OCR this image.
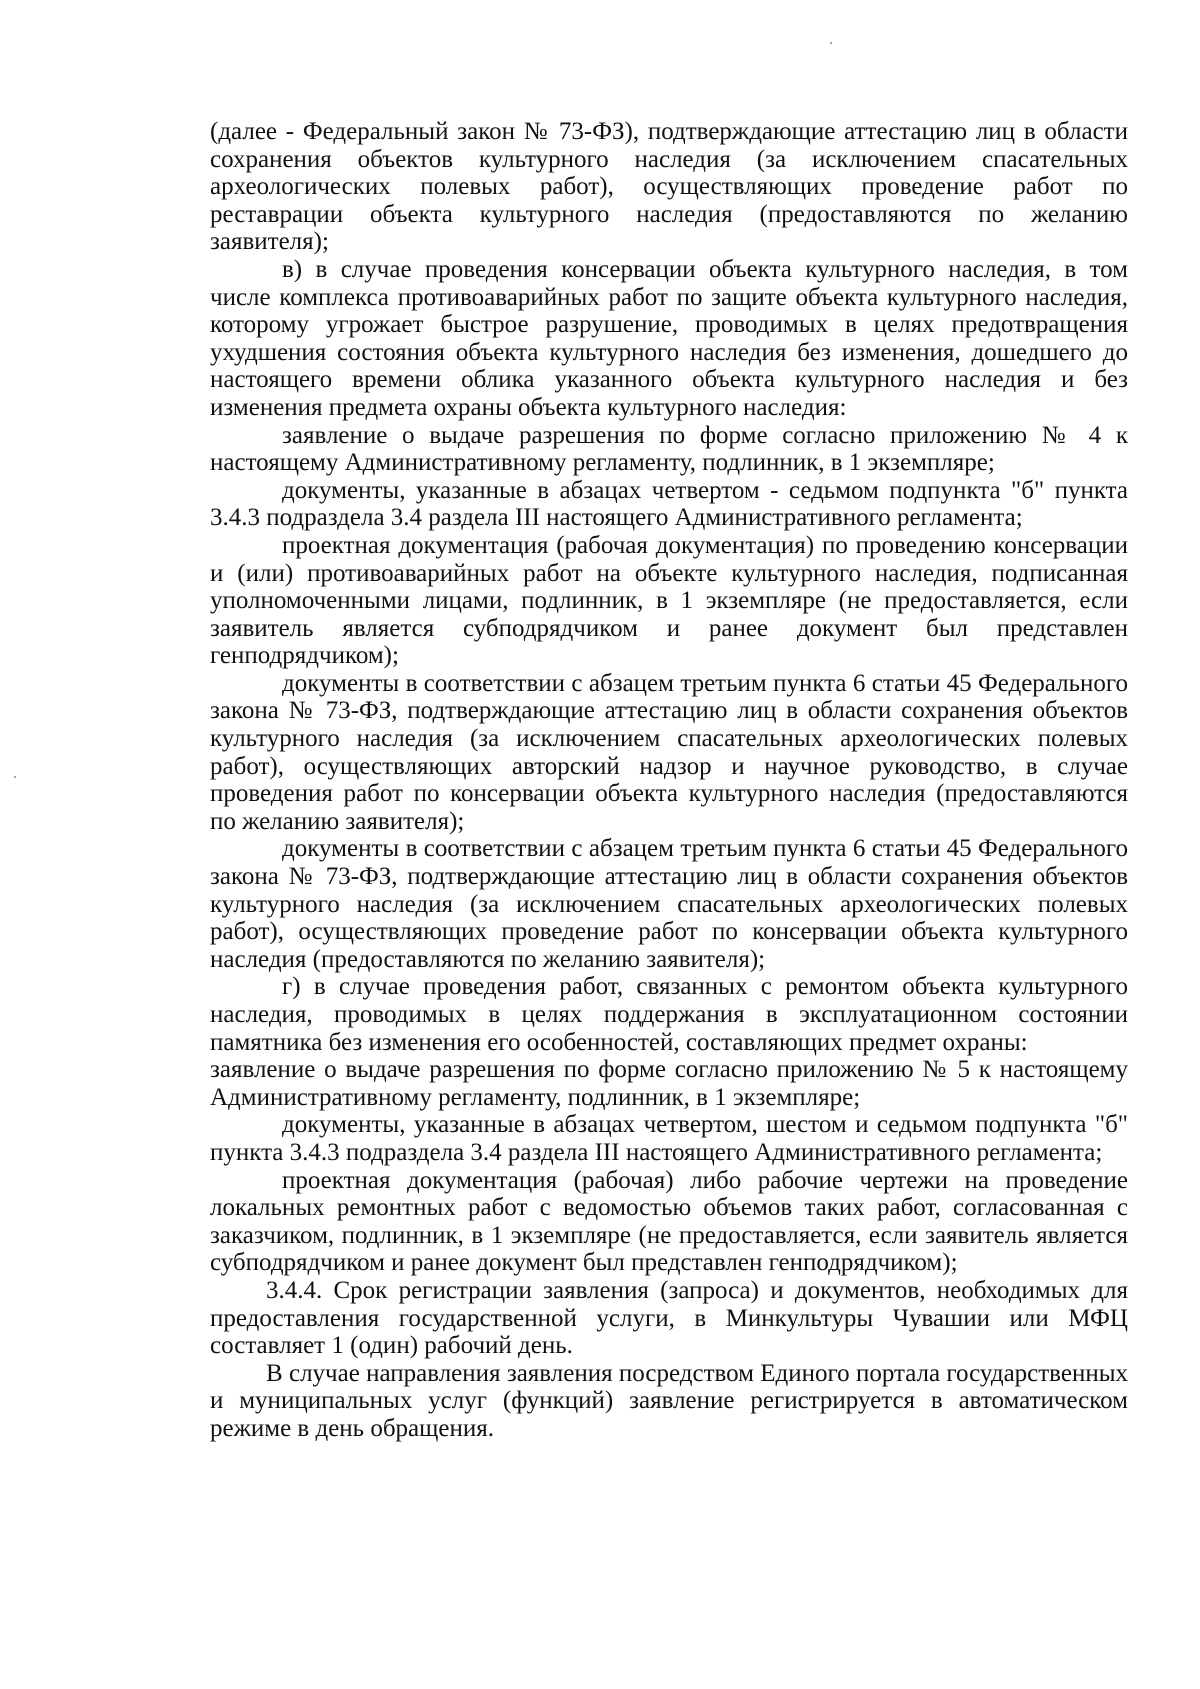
(далее - Федеральный закон № 73-ФЗ), подтверждающие аттестацию лиц в области сохранения объектов культурного наследия (за исключением спасательных археологических полевых работ), осуществляющих проведение работ по реставрации объекта культурного наследия (предоставляются по желанию заявителя);

в) в случае проведения консервации объекта культурного наследия, в том числе комплекса противоаварийных работ по защите объекта культурного наследия, которому угрожает быстрое разрушение, проводимых в целях предотвращения ухудшения состояния объекта культурного наследия без изменения, дошедшего до настоящего времени облика указанного объекта культурного наследия и без изменения предмета охраны объекта культурного наследия:

заявление о выдаче разрешения по форме согласно приложению № 4 к настоящему Административному регламенту, подлинник, в 1 экземпляре;

документы, указанные в абзацах четвертом - седьмом подпункта "б" пункта 3.4.3 подраздела 3.4 раздела III настоящего Административного регламента;

проектная документация (рабочая документация) по проведению консервации и (или) противоаварийных работ на объекте культурного наследия, подписанная уполномоченными лицами, подлинник, в 1 экземпляре (не предоставляется, если заявитель является субподрядчиком и ранее документ был представлен генподрядчиком);

документы в соответствии с абзацем третьим пункта 6 статьи 45 Федерального закона № 73-ФЗ, подтверждающие аттестацию лиц в области сохранения объектов культурного наследия (за исключением спасательных археологических полевых работ), осуществляющих авторский надзор и научное руководство, в случае проведения работ по консервации объекта культурного наследия (предоставляются по желанию заявителя);

документы в соответствии с абзацем третьим пункта 6 статьи 45 Федерального закона № 73-ФЗ, подтверждающие аттестацию лиц в области сохранения объектов культурного наследия (за исключением спасательных археологических полевых работ), осуществляющих проведение работ по консервации объекта культурного наследия (предоставляются по желанию заявителя);

г) в случае проведения работ, связанных с ремонтом объекта культурного наследия, проводимых в целях поддержания в эксплуатационном состоянии памятника без изменения его особенностей, составляющих предмет охраны:

заявление о выдаче разрешения по форме согласно приложению № 5 к настоящему Административному регламенту, подлинник, в 1 экземпляре;

документы, указанные в абзацах четвертом, шестом и седьмом подпункта "б" пункта 3.4.3 подраздела 3.4 раздела III настоящего Административного регламента;

проектная документация (рабочая) либо рабочие чертежи на проведение локальных ремонтных работ с ведомостью объемов таких работ, согласованная с заказчиком, подлинник, в 1 экземпляре (не предоставляется, если заявитель является субподрядчиком и ранее документ был представлен генподрядчиком);

3.4.4. Срок регистрации заявления (запроса) и документов, необходимых для предоставления государственной услуги, в Минкультуры Чувашии или МФЦ составляет 1 (один) рабочий день.

В случае направления заявления посредством Единого портала государственных и муниципальных услуг (функций) заявление регистрируется в автоматическом режиме в день обращения.
